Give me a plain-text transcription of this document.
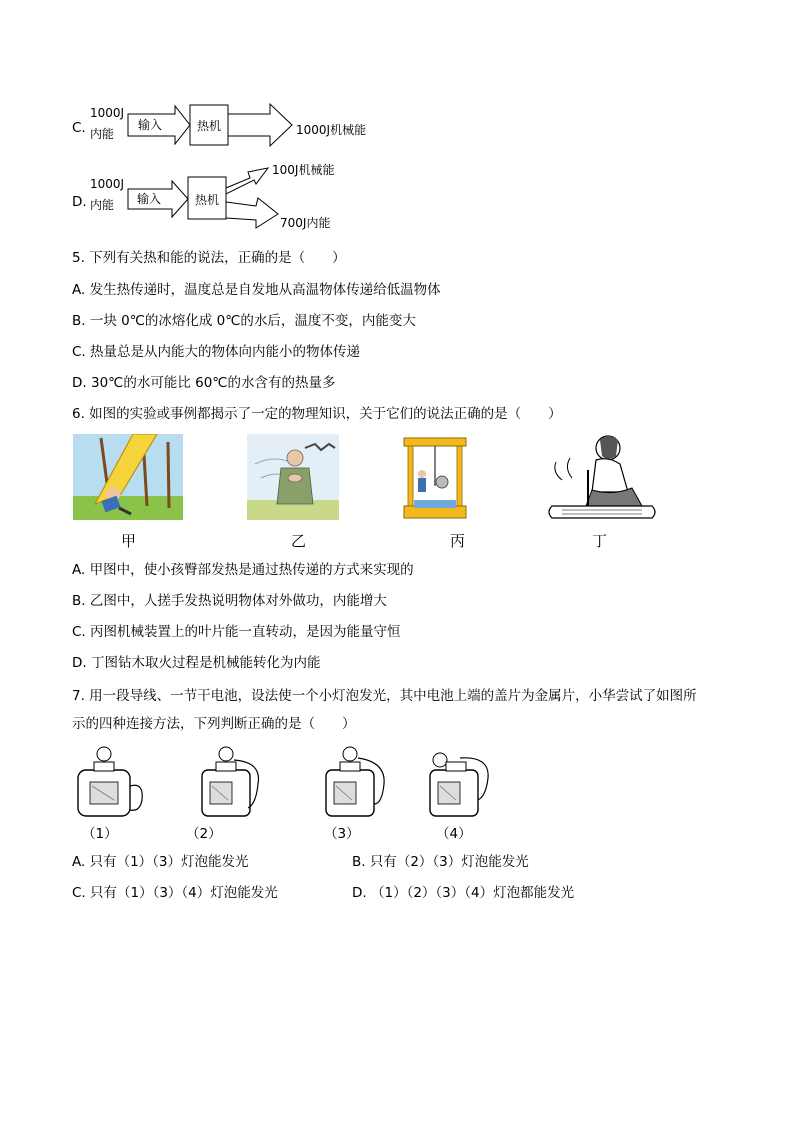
C.
1000J
内能
输入	热机	1000J机械能
D.
1000J
内能 输入	热机
100J机械能
700J内能
5. 下列有关热和能的说法，正确的是（　　）
A. 发生热传递时，温度总是自发地从高温物体传递给低温物体
B. 一块 0℃的冰熔化成 0℃的水后，温度不变，内能变大
C. 热量总是从内能大的物体向内能小的物体传递
D. 30℃的水可能比 60℃的水含有的热量多
6. 如图的实验或事例都揭示了一定的物理知识，关于它们的说法正确的是（　　）
甲	乙	丙	丁
A. 甲图中，使小孩臀部发热是通过热传递的方式来实现的
B. 乙图中，人搓手发热说明物体对外做功，内能增大
C. 丙图机械装置上的叶片能一直转动，是因为能量守恒
D. 丁图钻木取火过程是机械能转化为内能
7. 用一段导线、一节干电池，设法使一个小灯泡发光，其中电池上端的盖片为金属片，小华尝试了如图所
示的四种连接方法，下列判断正确的是（　　）
（1）	（2）	（3）	（4）
A. 只有（1）（3）灯泡能发光	B. 只有（2）（3）灯泡能发光
C. 只有（1）（3）（4）灯泡能发光	D. （1）（2）（3）（4）灯泡都能发光
